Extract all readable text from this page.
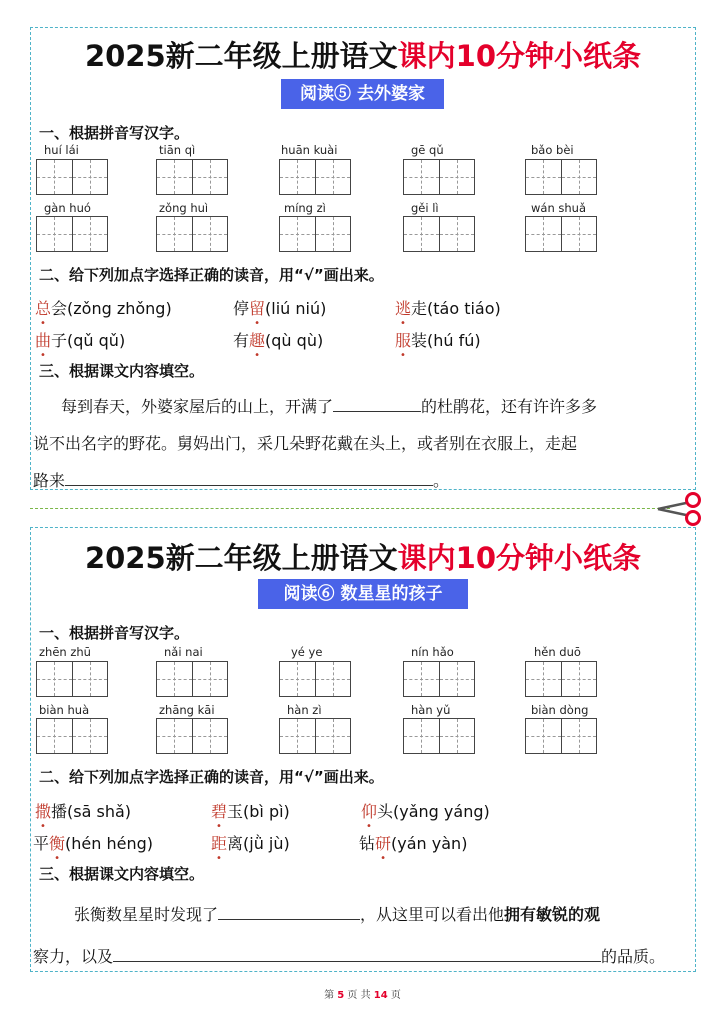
2025新二年级上册语文课内10分钟小纸条
阅读⑤ 去外婆家
一、根据拼音写汉字。
huí lái	tiān qì	huān kuài	gē qǔ	bǎo bèi
gàn huó	zǒng huì	míng zì	gěi lì	wán shuǎ
二、给下列加点字选择正确的读音，用“√”画出来。
总会(zǒng zhǒng)	停留(liú niú)	逃走(táo tiáo)
曲子(qǔ qǔ)	有趣(qù qù)	服装(hú fú)
三、根据课文内容填空。
每到春天，外婆家屋后的山上，开满了	的杜鹃花，还有许许多多
说不出名字的野花。舅妈出门，采几朵野花戴在头上，或者别在衣服上，走起
路来	。
2025新二年级上册语文课内10分钟小纸条
阅读⑥ 数星星的孩子
一、根据拼音写汉字。
zhēn zhū	nǎi nai	yé ye	nín hǎo	hěn duō
biàn huà	zhāng kāi	hàn zì	hàn yǔ	biàn dòng
二、给下列加点字选择正确的读音，用“√”画出来。
撒播(sā shǎ)	碧玉(bì pì)	仰头(yǎng yáng)
平衡(hén héng)	距离(jǜ jù)	钻研(yán yàn)
三、根据课文内容填空。
张衡数星星时发现了	，从这里可以看出他拥有敏锐的观
察力，以及	的品质。
第 5 页 共 14 页
